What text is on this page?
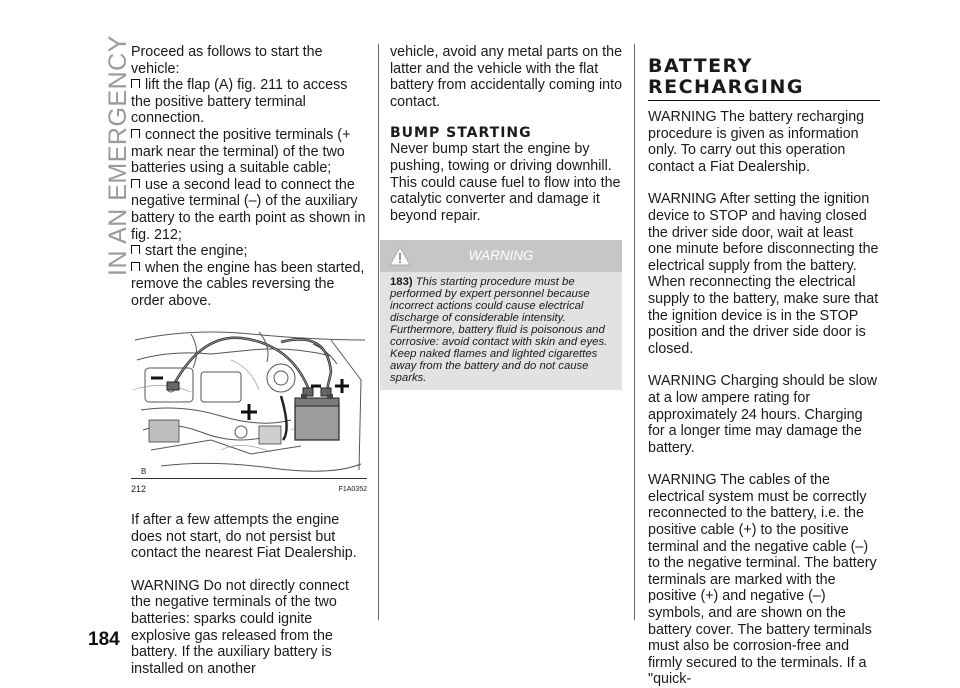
IN AN EMERGENCY Proceed as follows to start the vehicle:

lift the flap (A) fig. 211 to access the positive battery terminal connection.

connect the positive terminals (+ mark near the terminal) of the two batteries using a suitable cable;

use a second lead to connect the negative terminal (–) of the auxiliary battery to the earth point as shown in fig. 212;

start the engine;

when the engine has been started, remove the cables reversing the order above.

B
212	F1A0352

If after a few attempts the engine does not start, do not persist but contact the nearest Fiat Dealership.

WARNING Do not directly connect the negative terminals of the two batteries: sparks could ignite explosive gas released from the battery. If the auxiliary battery is installed on another

vehicle, avoid any metal parts on the latter and the vehicle with the flat battery from accidentally coming into contact.

BUMP STARTING

Never bump start the engine by pushing, towing or driving downhill. This could cause fuel to flow into the catalytic converter and damage it beyond repair.

WARNING
183) This starting procedure must be performed by expert personnel because incorrect actions could cause electrical discharge of considerable intensity. Furthermore, battery fluid is poisonous and corrosive: avoid contact with skin and eyes. Keep naked flames and lighted cigarettes away from the battery and do not cause sparks.
BATTERY
RECHARGING

WARNING The battery recharging procedure is given as information only. To carry out this operation contact a Fiat Dealership.

WARNING After setting the ignition device to STOP and having closed the driver side door, wait at least one minute before disconnecting the electrical supply from the battery. When reconnecting the electrical supply to the battery, make sure that the ignition device is in the STOP position and the driver side door is closed.

WARNING Charging should be slow at a low ampere rating for approximately 24 hours. Charging for a longer time may damage the battery.

WARNING The cables of the electrical system must be correctly reconnected to the battery, i.e. the positive cable (+) to the positive terminal and the negative cable (–) to the negative terminal. The battery terminals are marked with the positive (+) and negative (–) symbols, and are shown on the battery cover. The battery terminals must also be corrosion-free and firmly secured to the terminals. If a "quick-

184
